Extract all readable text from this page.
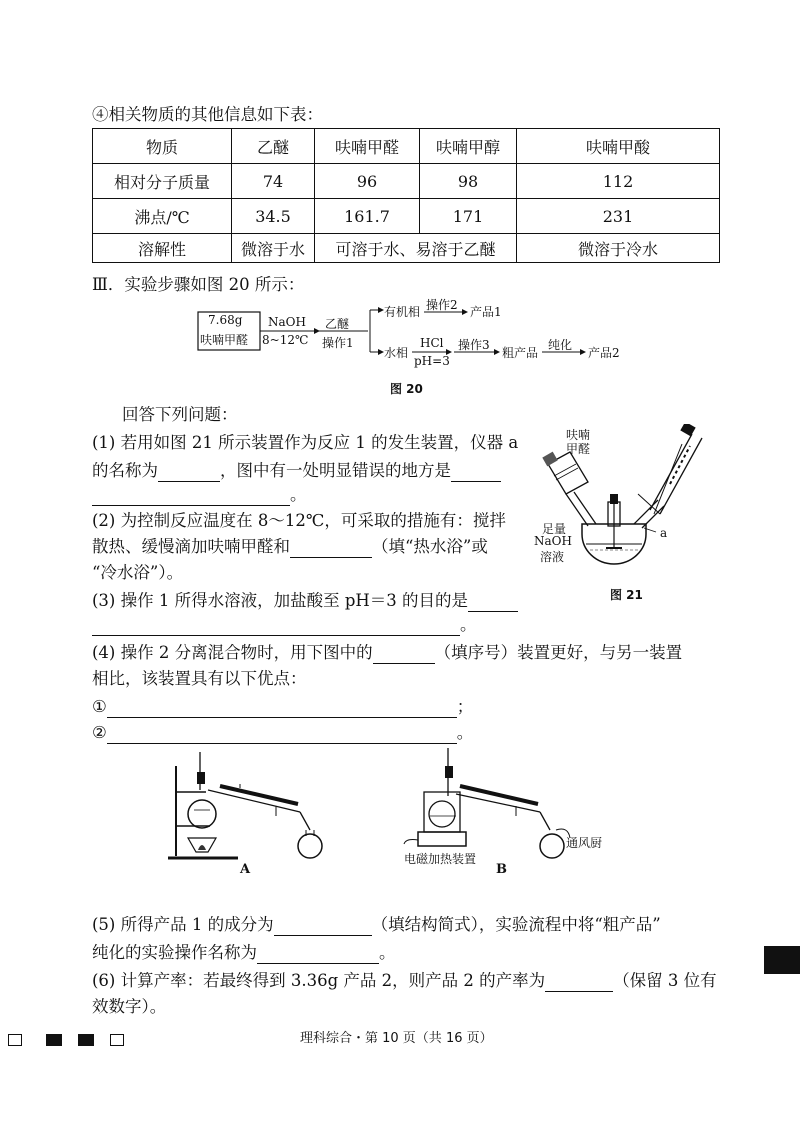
④相关物质的其他信息如下表：
物质	乙醚	呋喃甲醛	呋喃甲醇	呋喃甲酸
相对分子质量	74	96	98	112
沸点/℃	34.5	161.7	171	231
溶解性	微溶于水	可溶于水、易溶于乙醚		微溶于冷水
Ⅲ．实验步骤如图 20 所示：
7.68g
呋喃甲醛
NaOH
8~12℃
乙醚
操作1
有机相 操作2 产品1
水相
HCl
pH=3
操作3
粗产品
纯化
产品2
图 20
回答下列问题：
(1) 若用如图 21 所示装置作为反应 1 的发生装置，仪器 a
的名称为	，图中有一处明显错误的地方是
。
(2) 为控制反应温度在 8～12℃，可采取的措施有：搅拌
散热、缓慢滴加呋喃甲醛和	（填“热水浴”或
“冷水浴”）。
(3) 操作 1 所得水溶液，加盐酸至 pH＝3 的目的是
。
呋喃
甲醛
足量
NaOH
溶液
a
图 21
(4) 操作 2 分离混合物时，用下图中的	（填序号）装置更好，与另一装置
相比，该装置具有以下优点：
①	；
②	。
A	B
电磁加热装置
通风厨
(5) 所得产品 1 的成分为	（填结构简式），实验流程中将“粗产品”
纯化的实验操作名称为	。
(6) 计算产率：若最终得到 3.36g 产品 2，则产品 2 的产率为	（保留 3 位有
效数字）。
理科综合・第 10 页（共 16 页）
